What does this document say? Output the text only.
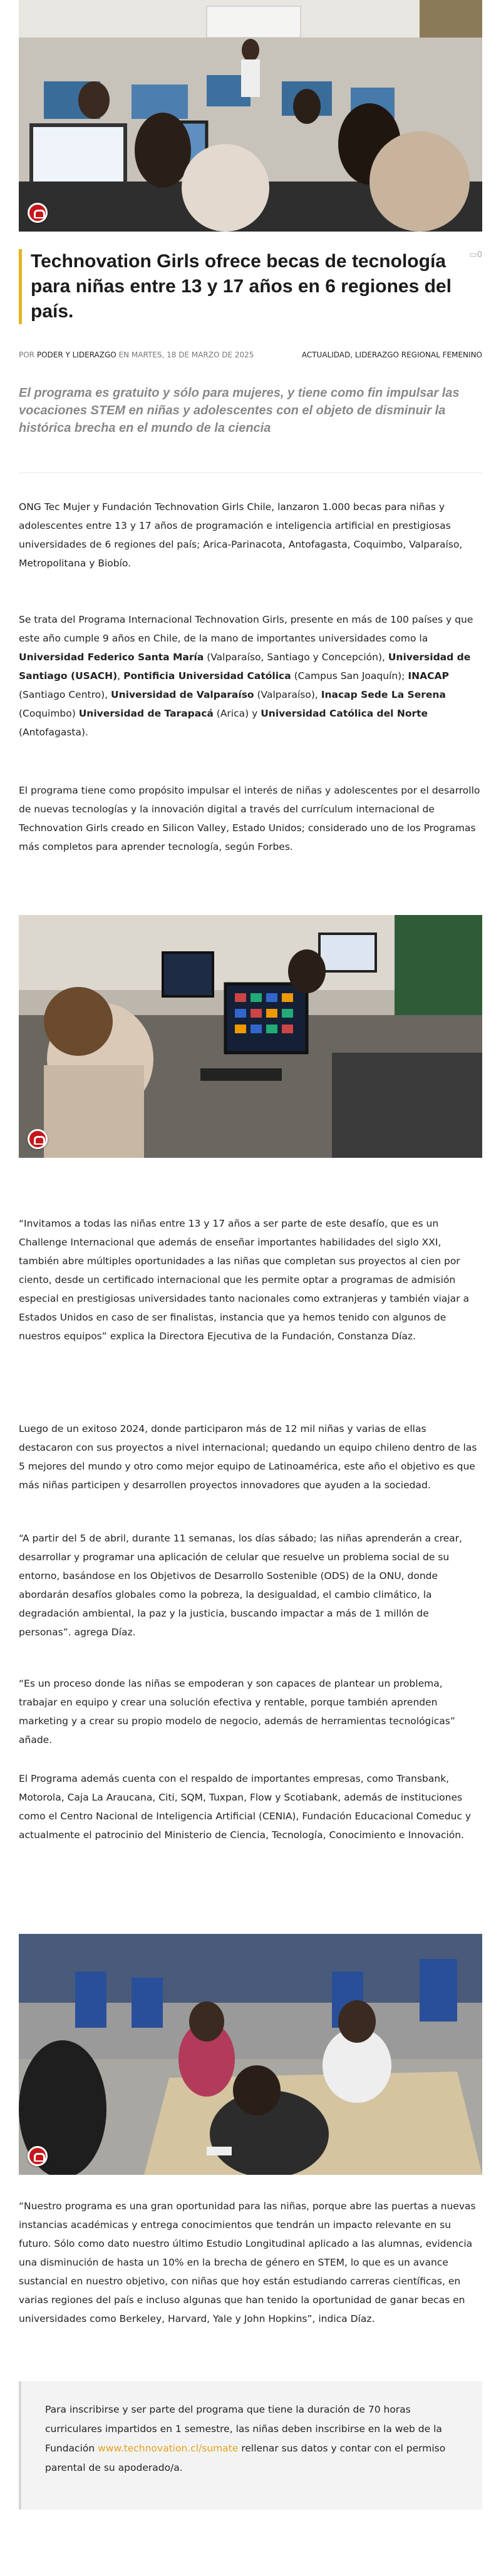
Technovation Girls ofrece becas de tecnología para niñas entre 13 y 17 años en 6 regiones del país.
▭0
POR PODER Y LIDERAZGO EN MARTES, 18 DE MARZO DE 2025	ACTUALIDAD, LIDERAZGO REGIONAL FEMENINO

El programa es gratuito y sólo para mujeres, y tiene como fin impulsar las vocaciones STEM en niñas y adolescentes con el objeto de disminuir la histórica brecha en el mundo de la ciencia

ONG Tec Mujer y Fundación Technovation Girls Chile, lanzaron 1.000 becas para niñas y adolescentes entre 13 y 17 años de programación e inteligencia artificial en prestigiosas universidades de 6 regiones del país; Arica-Parinacota, Antofagasta, Coquimbo, Valparaíso, Metropolitana y Biobío.

Se trata del Programa Internacional Technovation Girls, presente en más de 100 países y que este año cumple 9 años en Chile, de la mano de importantes universidades como la Universidad Federico Santa María (Valparaíso, Santiago y Concepción), Universidad de Santiago (USACH), Pontificia Universidad Católica (Campus San Joaquín); INACAP (Santiago Centro), Universidad de Valparaíso (Valparaíso), Inacap Sede La Serena (Coquimbo) Universidad de Tarapacá (Arica) y Universidad Católica del Norte (Antofagasta).

El programa tiene como propósito impulsar el interés de niñas y adolescentes por el desarrollo de nuevas tecnologías y la innovación digital a través del currículum internacional de Technovation Girls creado en Silicon Valley, Estado Unidos; considerado uno de los Programas más completos para aprender tecnología, según Forbes.

“Invitamos a todas las niñas entre 13 y 17 años a ser parte de este desafío, que es un Challenge Internacional que además de enseñar importantes habilidades del siglo XXI, también abre múltiples oportunidades a las niñas que completan sus proyectos al cien por ciento, desde un certificado internacional que les permite optar a programas de admisión especial en prestigiosas universidades tanto nacionales como extranjeras y también viajar a Estados Unidos en caso de ser finalistas, instancia que ya hemos tenido con algunos de nuestros equipos” explica la Directora Ejecutiva de la Fundación, Constanza Díaz.

Luego de un exitoso 2024, donde participaron más de 12 mil niñas y varias de ellas destacaron con sus proyectos a nivel internacional; quedando un equipo chileno dentro de las 5 mejores del mundo y otro como mejor equipo de Latinoamérica, este año el objetivo es que más niñas participen y desarrollen proyectos innovadores que ayuden a la sociedad.

“A partir del 5 de abril, durante 11 semanas, los días sábado; las niñas aprenderán a crear, desarrollar y programar una aplicación de celular que resuelve un problema social de su entorno, basándose en los Objetivos de Desarrollo Sostenible (ODS) de la ONU, donde abordarán desafíos globales como la pobreza, la desigualdad, el cambio climático, la degradación ambiental, la paz y la justicia, buscando impactar a más de 1 millón de personas”. agrega Díaz.

“Es un proceso donde las niñas se empoderan y son capaces de plantear un problema, trabajar en equipo y crear una solución efectiva y rentable, porque también aprenden marketing y a crear su propio modelo de negocio, además de herramientas tecnológicas” añade.

El Programa además cuenta con el respaldo de importantes empresas, como Transbank, Motorola, Caja La Araucana, Citi, SQM, Tuxpan, Flow y Scotiabank, además de instituciones como el Centro Nacional de Inteligencia Artificial (CENIA), Fundación Educacional Comeduc y actualmente el patrocinio del Ministerio de Ciencia, Tecnología, Conocimiento e Innovación.

“Nuestro programa es una gran oportunidad para las niñas, porque abre las puertas a nuevas instancias académicas y entrega conocimientos que tendrán un impacto relevante en su futuro. Sólo como dato nuestro último Estudio Longitudinal aplicado a las alumnas, evidencia una disminución de hasta un 10% en la brecha de género en STEM, lo que es un avance sustancial en nuestro objetivo, con niñas que hoy están estudiando carreras científicas, en varias regiones del país e incluso algunas que han tenido la oportunidad de ganar becas en universidades como Berkeley, Harvard, Yale y John Hopkins”, indica Díaz.

Para inscribirse y ser parte del programa que tiene la duración de 70 horas curriculares impartidos en 1 semestre, las niñas deben inscribirse en la web de la Fundación www.technovation.cl/sumate rellenar sus datos y contar con el permiso parental de su apoderado/a.
